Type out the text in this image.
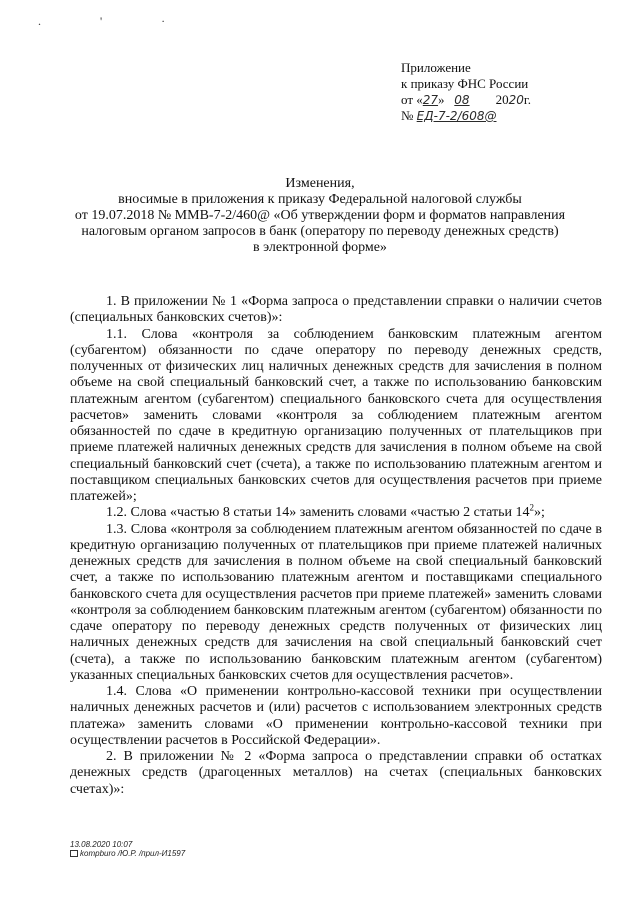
. ' ·
Приложение
к приказу ФНС России
от «27» 08 2020г.
№ ЕД-7-2/608@
Изменения,
вносимые в приложения к приказу Федеральной налоговой службы
от 19.07.2018 № ММВ-7-2/460@ «Об утверждении форм и форматов направления
налоговым органом запросов в банк (оператору по переводу денежных средств)
в электронной форме»

1. В приложении № 1 «Форма запроса о представлении справки о наличии счетов (специальных банковских счетов)»:

1.1. Слова «контроля за соблюдением банковским платежным агентом (субагентом) обязанности по сдаче оператору по переводу денежных средств, полученных от физических лиц наличных денежных средств для зачисления в полном объеме на свой специальный банковский счет, а также по использованию банковским платежным агентом (субагентом) специального банковского счета для осуществления расчетов» заменить словами «контроля за соблюдением платежным агентом обязанностей по сдаче в кредитную организацию полученных от плательщиков при приеме платежей наличных денежных средств для зачисления в полном объеме на свой специальный банковский счет (счета), а также по использованию платежным агентом и поставщиком специальных банковских счетов для осуществления расчетов при приеме платежей»;

1.2. Слова «частью 8 статьи 14» заменить словами «частью 2 статьи $14^2$»;

1.3. Слова «контроля за соблюдением платежным агентом обязанностей по сдаче в кредитную организацию полученных от плательщиков при приеме платежей наличных денежных средств для зачисления в полном объеме на свой специальный банковский счет, а также по использованию платежным агентом и поставщиками специального банковского счета для осуществления расчетов при приеме платежей» заменить словами «контроля за соблюдением банковским платежным агентом (субагентом) обязанности по сдаче оператору по переводу денежных средств полученных от физических лиц наличных денежных средств для зачисления на свой специальный банковский счет (счета), а также по использованию банковским платежным агентом (субагентом) указанных специальных банковских счетов для осуществления расчетов».

1.4. Слова «О применении контрольно-кассовой техники при осуществлении наличных денежных расчетов и (или) расчетов с использованием электронных средств платежа» заменить словами «О применении контрольно-кассовой техники при осуществлении расчетов в Российской Федерации».

2. В приложении № 2 «Форма запроса о представлении справки об остатках денежных средств (драгоценных металлов) на счетах (специальных банковских счетах)»:

13.08.2020 10:07
kompburo /Ю.Р. /прил-И1597
